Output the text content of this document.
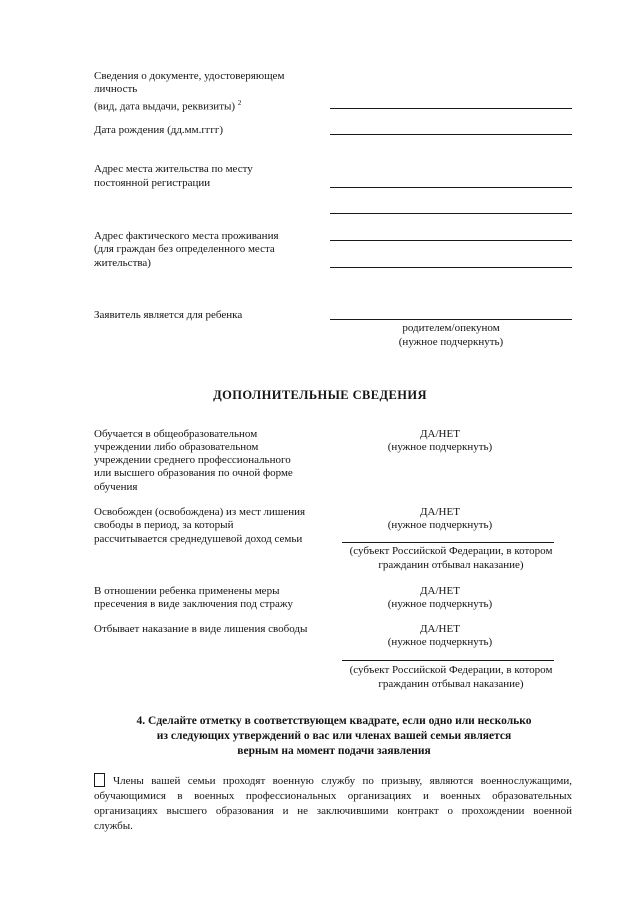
Сведения о документе, удостоверяющем
личность
(вид, дата выдачи, реквизиты) $^2$
Дата рождения (дд.мм.гггг)
Адрес места жительства по месту
постоянной регистрации
Адрес фактического места проживания
(для граждан без определенного места
жительства)
Заявитель является для ребенка
родителем/опекуном
(нужное подчеркнуть)
ДОПОЛНИТЕЛЬНЫЕ СВЕДЕНИЯ
Обучается в общеобразовательном
учреждении либо образовательном
учреждении среднего профессионального
или высшего образования по очной форме
обучения
ДА/НЕТ
(нужное подчеркнуть)
Освобожден (освобождена) из мест лишения
свободы в период, за который
рассчитывается среднедушевой доход семьи
ДА/НЕТ
(нужное подчеркнуть)
(субъект Российской Федерации, в котором
гражданин отбывал наказание)
В отношении ребенка применены меры
пресечения в виде заключения под стражу
ДА/НЕТ
(нужное подчеркнуть)
Отбывает наказание в виде лишения свободы	ДА/НЕТ
(нужное подчеркнуть)
(субъект Российской Федерации, в котором
гражданин отбывал наказание)
4. Сделайте отметку в соответствующем квадрате, если одно или несколько
из следующих утверждений о вас или членах вашей семьи является
верным на момент подачи заявления
Члены вашей семьи проходят военную службу по призыву, являются военнослужащими,
обучающимися в военных профессиональных организациях и военных образовательных
организациях высшего образования и не заключившими контракт о прохождении военной
службы.
